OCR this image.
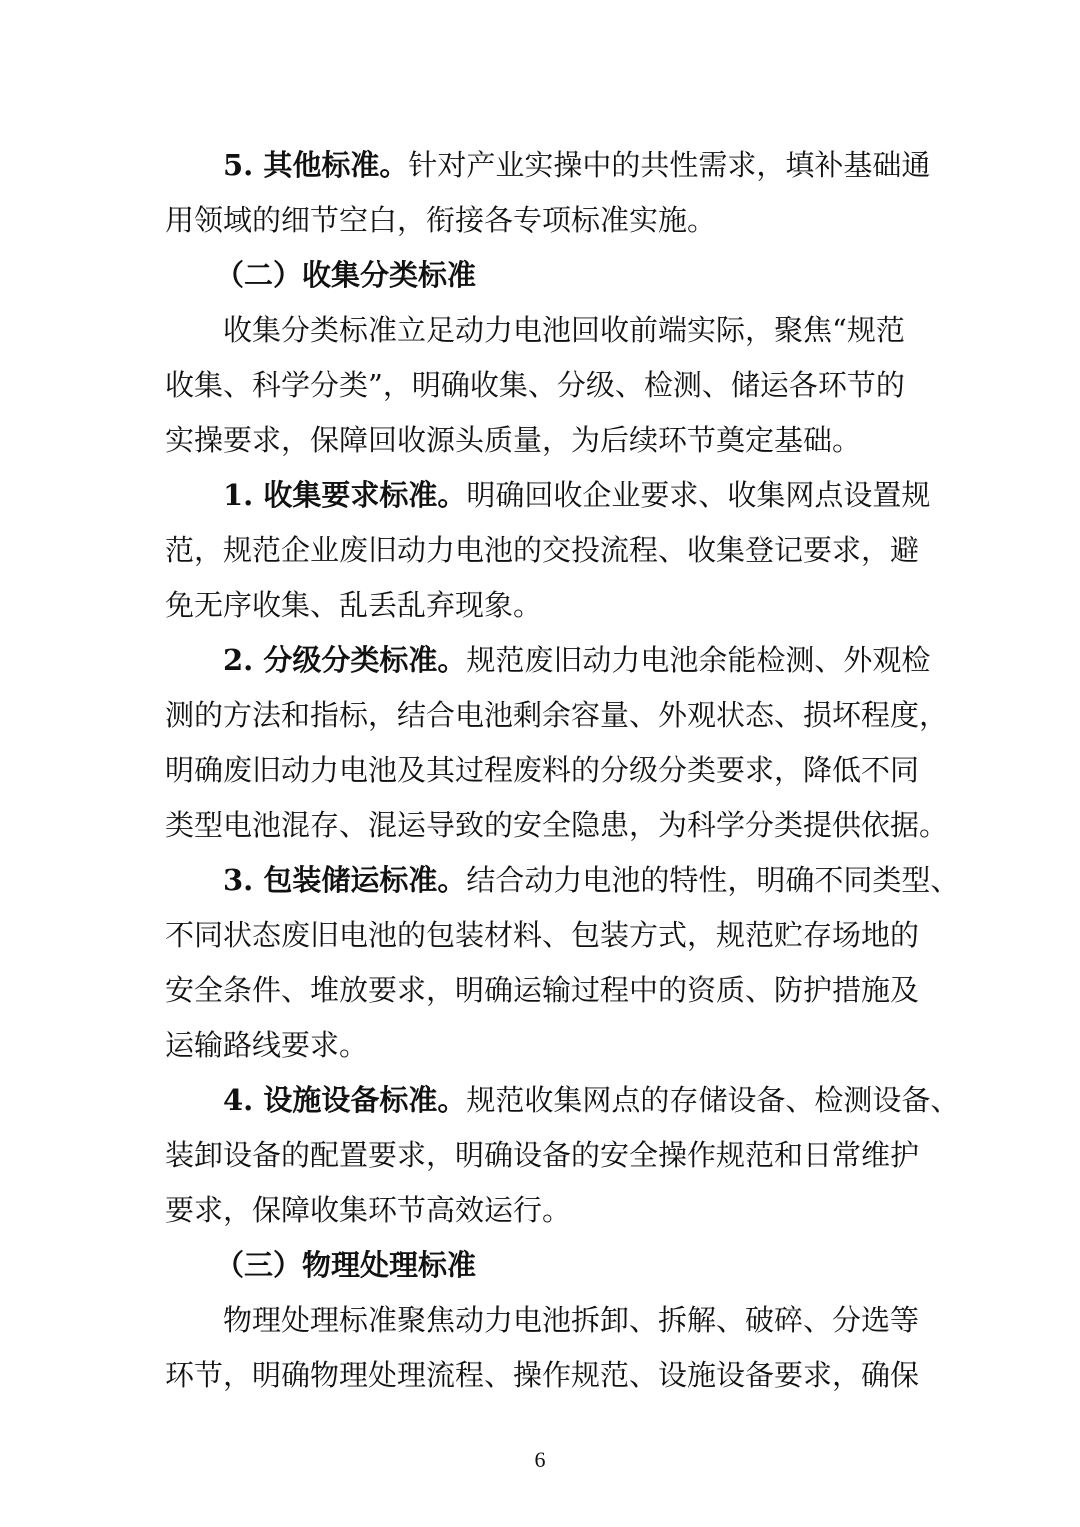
5. 其他标准。针对产业实操中的共性需求，填补基础通
用领域的细节空白，衔接各专项标准实施。
（二）收集分类标准
收集分类标准立足动力电池回收前端实际，聚焦“规范
收集、科学分类”，明确收集、分级、检测、储运各环节的
实操要求，保障回收源头质量，为后续环节奠定基础。
1. 收集要求标准。明确回收企业要求、收集网点设置规
范，规范企业废旧动力电池的交投流程、收集登记要求，避
免无序收集、乱丢乱弃现象。
2. 分级分类标准。规范废旧动力电池余能检测、外观检
测的方法和指标，结合电池剩余容量、外观状态、损坏程度，
明确废旧动力电池及其过程废料的分级分类要求，降低不同
类型电池混存、混运导致的安全隐患，为科学分类提供依据。
3. 包装储运标准。结合动力电池的特性，明确不同类型、
不同状态废旧电池的包装材料、包装方式，规范贮存场地的
安全条件、堆放要求，明确运输过程中的资质、防护措施及
运输路线要求。
4. 设施设备标准。规范收集网点的存储设备、检测设备、
装卸设备的配置要求，明确设备的安全操作规范和日常维护
要求，保障收集环节高效运行。
（三）物理处理标准
物理处理标准聚焦动力电池拆卸、拆解、破碎、分选等
环节，明确物理处理流程、操作规范、设施设备要求，确保
6
